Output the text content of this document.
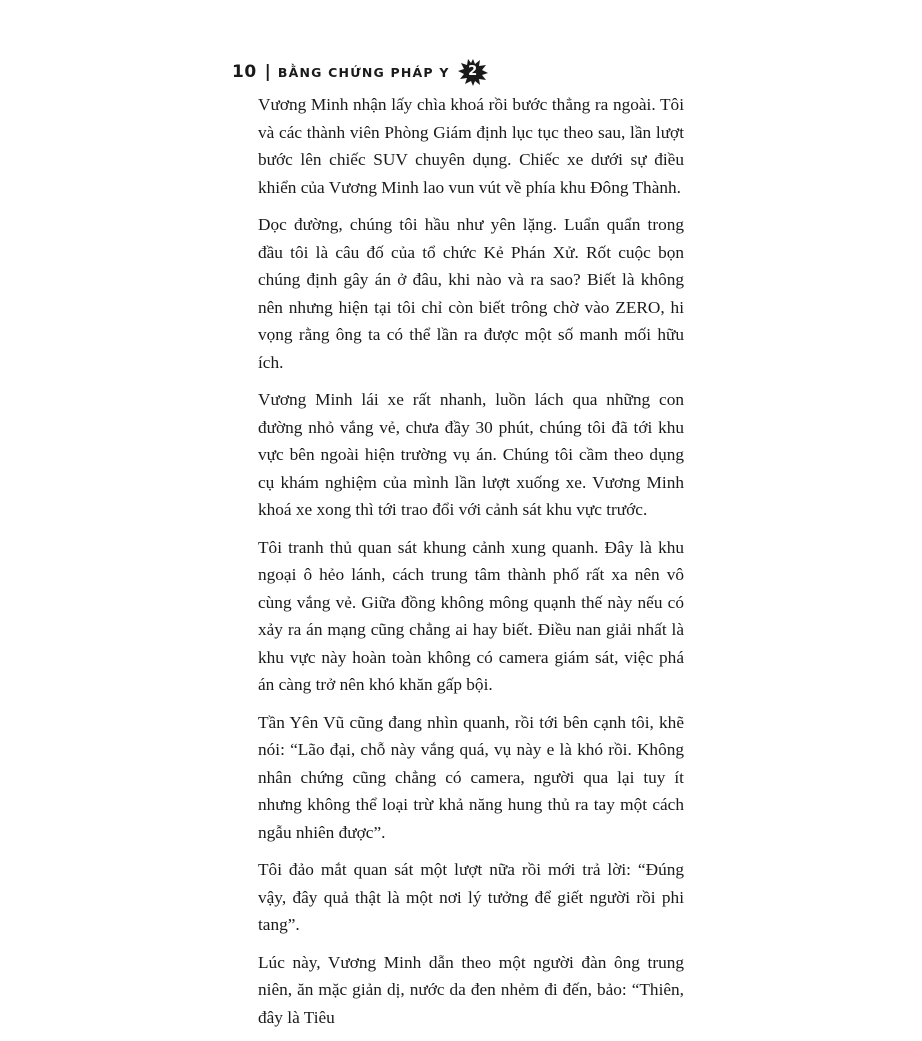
10 | BẰNG CHỨNG PHÁP Y	2

Vương Minh nhận lấy chìa khoá rồi bước thẳng ra ngoài. Tôi và các thành viên Phòng Giám định lục tục theo sau, lần lượt bước lên chiếc SUV chuyên dụng. Chiếc xe dưới sự điều khiển của Vương Minh lao vun vút về phía khu Đông Thành.

Dọc đường, chúng tôi hầu như yên lặng. Luẩn quẩn trong đầu tôi là câu đố của tổ chức Kẻ Phán Xử. Rốt cuộc bọn chúng định gây án ở đâu, khi nào và ra sao? Biết là không nên nhưng hiện tại tôi chỉ còn biết trông chờ vào ZERO, hi vọng rằng ông ta có thể lần ra được một số manh mối hữu ích.

Vương Minh lái xe rất nhanh, luồn lách qua những con đường nhỏ vắng vẻ, chưa đầy 30 phút, chúng tôi đã tới khu vực bên ngoài hiện trường vụ án. Chúng tôi cầm theo dụng cụ khám nghiệm của mình lần lượt xuống xe. Vương Minh khoá xe xong thì tới trao đổi với cảnh sát khu vực trước.

Tôi tranh thủ quan sát khung cảnh xung quanh. Đây là khu ngoại ô hẻo lánh, cách trung tâm thành phố rất xa nên vô cùng vắng vẻ. Giữa đồng không mông quạnh thế này nếu có xảy ra án mạng cũng chẳng ai hay biết. Điều nan giải nhất là khu vực này hoàn toàn không có camera giám sát, việc phá án càng trở nên khó khăn gấp bội.

Tần Yên Vũ cũng đang nhìn quanh, rồi tới bên cạnh tôi, khẽ nói: “Lão đại, chỗ này vắng quá, vụ này e là khó rồi. Không nhân chứng cũng chẳng có camera, người qua lại tuy ít nhưng không thể loại trừ khả năng hung thủ ra tay một cách ngẫu nhiên được”.

Tôi đảo mắt quan sát một lượt nữa rồi mới trả lời: “Đúng vậy, đây quả thật là một nơi lý tưởng để giết người rồi phi tang”.

Lúc này, Vương Minh dẫn theo một người đàn ông trung niên, ăn mặc giản dị, nước da đen nhẻm đi đến, bảo: “Thiên, đây là Tiêu
